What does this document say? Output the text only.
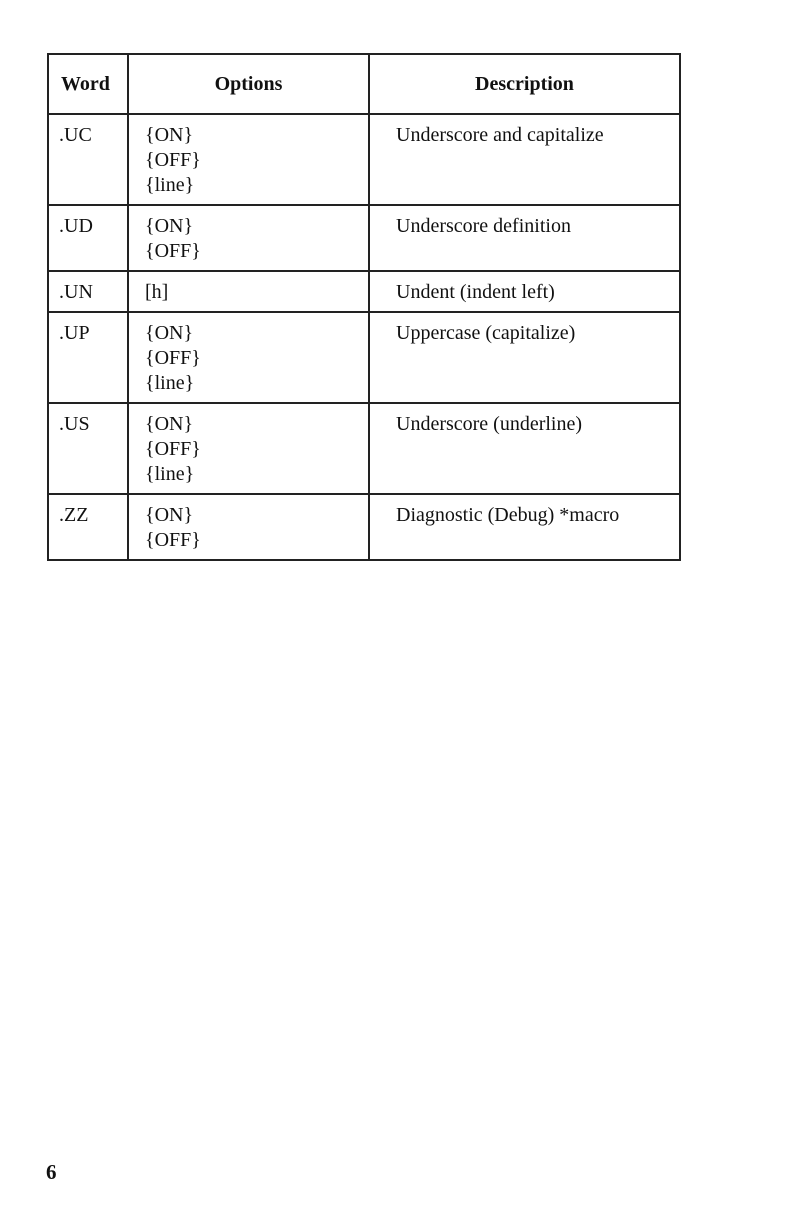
Word	Options	Description
.UC	{ON}
{OFF}
{line}	Underscore and capitalize
.UD	{ON}
{OFF}	Underscore definition
.UN	[h]	Undent (indent left)
.UP	{ON}
{OFF}
{line}	Uppercase (capitalize)
.US	{ON}
{OFF}
{line}	Underscore (underline)
.ZZ	{ON}
{OFF}	Diagnostic (Debug) *macro
6
